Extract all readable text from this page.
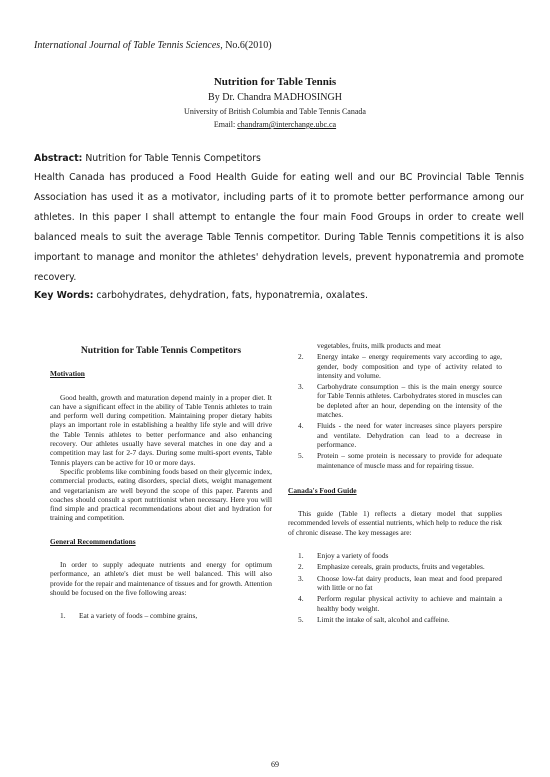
International Journal of Table Tennis Sciences, No.6(2010)
Nutrition for Table Tennis
By Dr. Chandra MADHOSINGH
University of British Columbia and Table Tennis Canada
Email: chandram@interchange.ubc.ca
Abstract: Nutrition for Table Tennis Competitors
Health Canada has produced a Food Health Guide for eating well and our BC Provincial Table Tennis Association has used it as a motivator, including parts of it to promote better performance among our athletes. In this paper I shall attempt to entangle the four main Food Groups in order to create well balanced meals to suit the average Table Tennis competitor. During Table Tennis competitions it is also important to manage and monitor the athletes' dehydration levels, prevent hyponatremia and promote recovery.
Key Words: carbohydrates, dehydration, fats, hyponatremia, oxalates.
Nutrition for Table Tennis Competitors
Motivation

Good health, growth and maturation depend mainly in a proper diet. It can have a significant effect in the ability of Table Tennis athletes to train and perform well during competition. Maintaining proper dietary habits plays an important role in establishing a healthy life style and will drive the Table Tennis athletes to better performance and also enhancing recovery. Our athletes usually have several matches in one day and a competition may last for 2-7 days. During some multi-sport events, Table Tennis players can be active for 10 or more days.

Specific problems like combining foods based on their glycemic index, commercial products, eating disorders, special diets, weight management and vegetarianism are well beyond the scope of this paper. Parents and coaches should consult a sport nutritionist when necessary. Here you will find simple and practical recommendations about diet and hydration for training and competition.

General Recommendations

In order to supply adequate nutrients and energy for optimum performance, an athlete's diet must be well balanced. This will also provide for the repair and maintenance of tissues and for growth. Attention should be focused on the five following areas:

1. Eat a variety of foods – combine grains,
vegetables, fruits, milk products and meat
2. Energy intake – energy requirements vary according to age, gender, body composition and type of activity related to intensity and volume.
3. Carbohydrate consumption – this is the main energy source for Table Tennis athletes. Carbohydrates stored in muscles can be depleted after an hour, depending on the intensity of the matches.
4. Fluids - the need for water increases since players perspire and ventilate. Dehydration can lead to a decrease in performance.
5. Protein – some protein is necessary to provide for adequate maintenance of muscle mass and for repairing tissue.
Canada's Food Guide

This guide (Table 1) reflects a dietary model that supplies recommended levels of essential nutrients, which help to reduce the risk of chronic disease. The key messages are:

1. Enjoy a variety of foods
2. Emphasize cereals, grain products, fruits and vegetables.
3. Choose low-fat dairy products, lean meat and food prepared with little or no fat
4. Perform regular physical activity to achieve and maintain a healthy body weight.
5. Limit the intake of salt, alcohol and caffeine.
69
